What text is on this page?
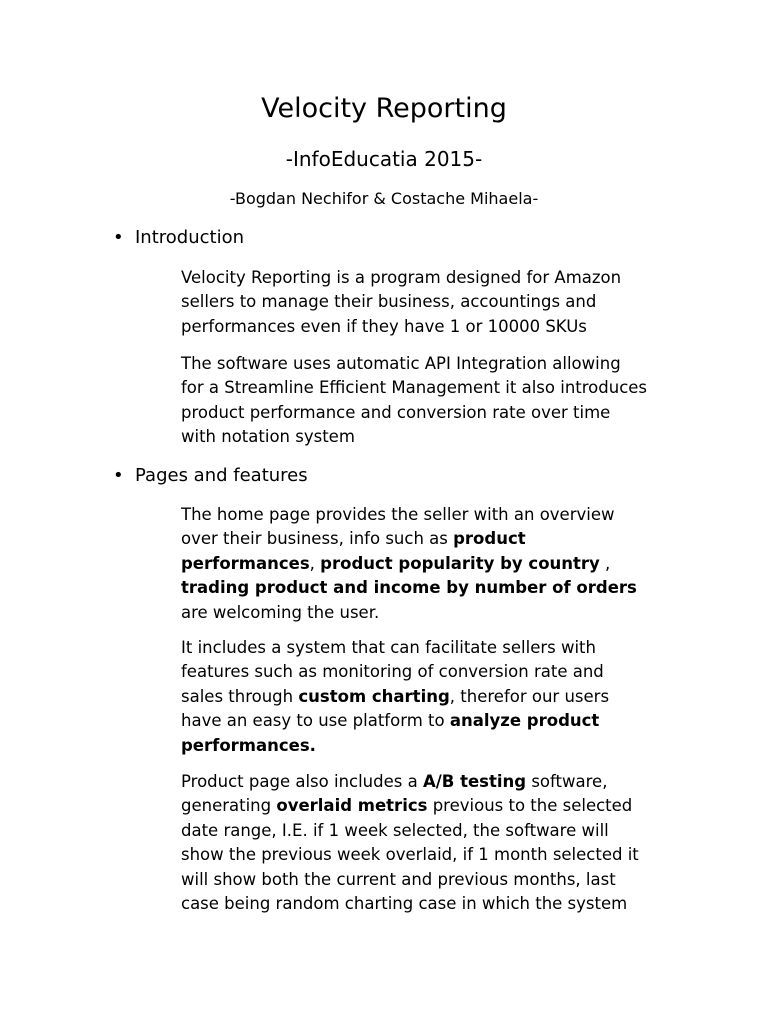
Velocity Reporting
-InfoEducatia 2015-

-Bogdan Nechifor & Costache Mihaela-

• Introduction

Velocity Reporting is a program designed for Amazon
sellers to manage their business, accountings and
performances even if they have 1 or 10000 SKUs

The software uses automatic API Integration allowing
for a Streamline Efficient Management it also introduces
product performance and conversion rate over time
with notation system

• Pages and features

The home page provides the seller with an overview
over their business, info such as product
performances, product popularity by country ,
trading product and income by number of orders
are welcoming the user.

It includes a system that can facilitate sellers with
features such as monitoring of conversion rate and
sales through custom charting, therefor our users
have an easy to use platform to analyze product
performances.

Product page also includes a A/B testing software,
generating overlaid metrics previous to the selected
date range, I.E. if 1 week selected, the software will
show the previous week overlaid, if 1 month selected it
will show both the current and previous months, last
case being random charting case in which the system
